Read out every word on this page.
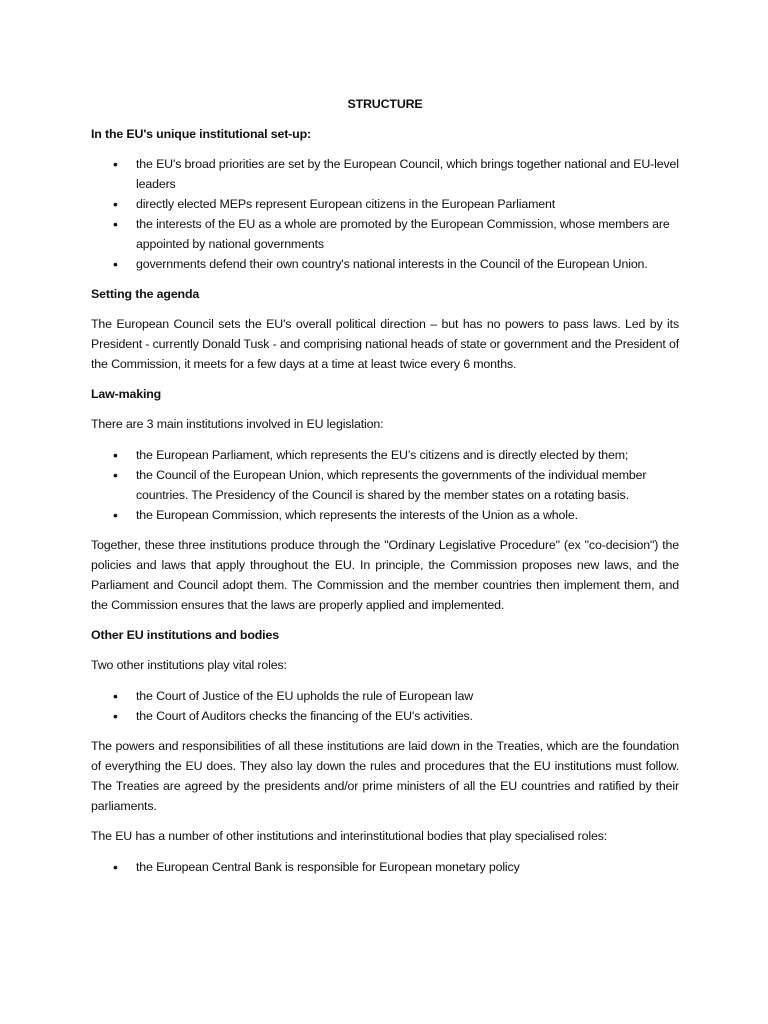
STRUCTURE
In the EU's unique institutional set-up:
• the EU's broad priorities are set by the European Council, which brings together national and EU-level leaders
• directly elected MEPs represent European citizens in the European Parliament
• the interests of the EU as a whole are promoted by the European Commission, whose members are appointed by national governments
• governments defend their own country's national interests in the Council of the European Union.
Setting the agenda
The European Council sets the EU's overall political direction – but has no powers to pass laws. Led by its President - currently Donald Tusk - and comprising national heads of state or government and the President of the Commission, it meets for a few days at a time at least twice every 6 months.
Law-making
There are 3 main institutions involved in EU legislation:
• the European Parliament, which represents the EU’s citizens and is directly elected by them;
• the Council of the European Union, which represents the governments of the individual member countries. The Presidency of the Council is shared by the member states on a rotating basis.
• the European Commission, which represents the interests of the Union as a whole.
Together, these three institutions produce through the "Ordinary Legislative Procedure" (ex "co-decision") the policies and laws that apply throughout the EU. In principle, the Commission proposes new laws, and the Parliament and Council adopt them. The Commission and the member countries then implement them, and the Commission ensures that the laws are properly applied and implemented.
Other EU institutions and bodies
Two other institutions play vital roles:
• the Court of Justice of the EU upholds the rule of European law
• the Court of Auditors checks the financing of the EU's activities.
The powers and responsibilities of all these institutions are laid down in the Treaties, which are the foundation of everything the EU does. They also lay down the rules and procedures that the EU institutions must follow. The Treaties are agreed by the presidents and/or prime ministers of all the EU countries and ratified by their parliaments.
The EU has a number of other institutions and interinstitutional bodies that play specialised roles:
• the European Central Bank is responsible for European monetary policy
